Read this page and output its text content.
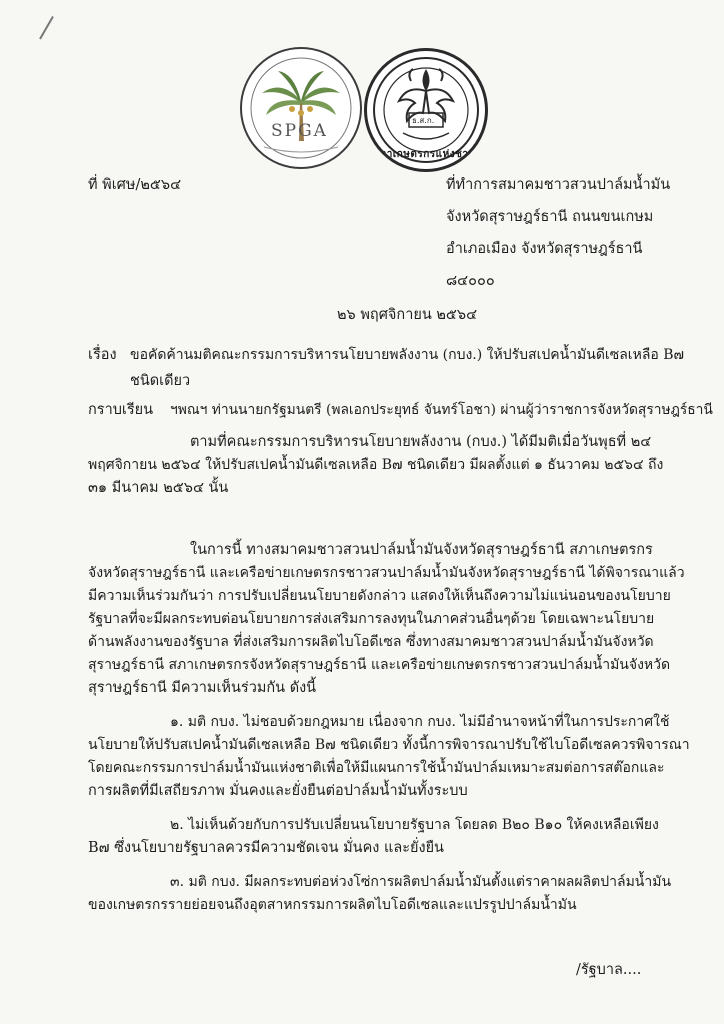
SPGA
ธ.ส.ก.
สภาเกษตรกรแห่งชาติ
ที่ พิเศษ/๒๕๖๔	ที่ทำการสมาคมชาวสวนปาล์มน้ำมัน
จังหวัดสุราษฎร์ธานี ถนนขนเกษม
อำเภอเมือง จังหวัดสุราษฎร์ธานี
๘๔๐๐๐
๒๖ พฤศจิกายน ๒๕๖๔
เรื่อง ขอคัดค้านมติคณะกรรมการบริหารนโยบายพลังงาน (กบง.) ให้ปรับสเปคน้ำมันดีเซลเหลือ B๗
ชนิดเดียว
กราบเรียน ฯพณฯ ท่านนายกรัฐมนตรี (พลเอกประยุทธ์ จันทร์โอชา) ผ่านผู้ว่าราชการจังหวัดสุราษฎร์ธานี
ตามที่คณะกรรมการบริหารนโยบายพลังงาน (กบง.) ได้มีมติเมื่อวันพุธที่ ๒๔
พฤศจิกายน ๒๕๖๔ ให้ปรับสเปคน้ำมันดีเซลเหลือ B๗ ชนิดเดียว มีผลตั้งแต่ ๑ ธันวาคม ๒๕๖๔ ถึง
๓๑ มีนาคม ๒๕๖๔ นั้น
ในการนี้ ทางสมาคมชาวสวนปาล์มน้ำมันจังหวัดสุราษฎร์ธานี สภาเกษตรกร
จังหวัดสุราษฎร์ธานี และเครือข่ายเกษตรกรชาวสวนปาล์มน้ำมันจังหวัดสุราษฎร์ธานี ได้พิจารณาแล้ว
มีความเห็นร่วมกันว่า การปรับเปลี่ยนนโยบายดังกล่าว แสดงให้เห็นถึงความไม่แน่นอนของนโยบาย
รัฐบาลที่จะมีผลกระทบต่อนโยบายการส่งเสริมการลงทุนในภาคส่วนอื่นๆด้วย โดยเฉพาะนโยบาย
ด้านพลังงานของรัฐบาล ที่ส่งเสริมการผลิตไบโอดีเซล ซึ่งทางสมาคมชาวสวนปาล์มน้ำมันจังหวัด
สุราษฎร์ธานี สภาเกษตรกรจังหวัดสุราษฎร์ธานี และเครือข่ายเกษตรกรชาวสวนปาล์มน้ำมันจังหวัด
สุราษฎร์ธานี มีความเห็นร่วมกัน ดังนี้
๑. มติ กบง. ไม่ชอบด้วยกฎหมาย เนื่องจาก กบง. ไม่มีอำนาจหน้าที่ในการประกาศใช้
นโยบายให้ปรับสเปคน้ำมันดีเซลเหลือ B๗ ชนิดเดียว ทั้งนี้การพิจารณาปรับใช้ไบโอดีเซลควรพิจารณา
โดยคณะกรรมการปาล์มน้ำมันแห่งชาติเพื่อให้มีแผนการใช้น้ำมันปาล์มเหมาะสมต่อการสต๊อกและ
การผลิตที่มีเสถียรภาพ มั่นคงและยั่งยืนต่อปาล์มน้ำมันทั้งระบบ
๒. ไม่เห็นด้วยกับการปรับเปลี่ยนนโยบายรัฐบาล โดยลด B๒๐ B๑๐ ให้คงเหลือเพียง
B๗ ซึ่งนโยบายรัฐบาลควรมีความชัดเจน มั่นคง และยั่งยืน
๓. มติ กบง. มีผลกระทบต่อห่วงโซ่การผลิตปาล์มน้ำมันตั้งแต่ราคาผลผลิตปาล์มน้ำมัน
ของเกษตรกรรายย่อยจนถึงอุตสาหกรรมการผลิตไบโอดีเซลและแปรรูปปาล์มน้ำมัน
/รัฐบาล....
